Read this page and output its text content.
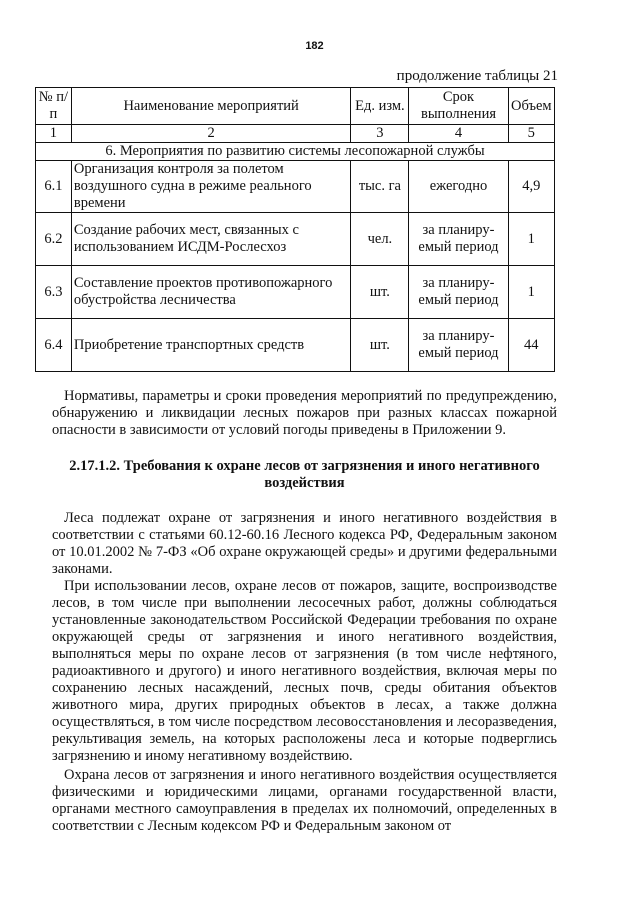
182
продолжение таблицы 21
№ п/п	Наименование мероприятий	Ед. изм.	Срок выполнения	Объем
1	2	3	4	5
6. Мероприятия по развитию системы лесопожарной службы				
6.1	Организация контроля за полетом воздушного судна в режиме реального времени	тыс. га	ежегодно	4,9
6.2	Создание рабочих мест, связанных с использованием ИСДМ-Рослесхоз	чел.	за планиру-емый период	1
6.3	Составление проектов противопожарного обустройства лесничества	шт.	за планиру-емый период	1
6.4	Приобретение транспортных средств	шт.	за планиру-емый период	44

Нормативы, параметры и сроки проведения мероприятий по предупреждению, обнаружению и ликвидации лесных пожаров при разных классах пожарной опасности в зависимости от условий погоды приведены в Приложении 9.

2.17.1.2. Требования к охране лесов от загрязнения и иного негативного
воздействия

Леса подлежат охране от загрязнения и иного негативного воздействия в соответствии с статьями 60.12-60.16 Лесного кодекса РФ, Федеральным законом от 10.01.2002 № 7-ФЗ «Об охране окружающей среды» и другими федеральными законами.

При использовании лесов, охране лесов от пожаров, защите, воспроизводстве лесов, в том числе при выполнении лесосечных работ, должны соблюдаться установленные законодательством Российской Федерации требования по охране окружающей среды от загрязнения и иного негативного воздействия, выполняться меры по охране лесов от загрязнения (в том числе нефтяного, радиоактивного и другого) и иного негативного воздействия, включая меры по сохранению лесных насаждений, лесных почв, среды обитания объектов животного мира, других природных объектов в лесах, а также должна осуществляться, в том числе посредством лесовосстановления и лесоразведения, рекультивация земель, на которых расположены леса и которые подверглись загрязнению и иному негативному воздействию.

Охрана лесов от загрязнения и иного негативного воздействия осуществляется физическими и юридическими лицами, органами государственной власти, органами местного самоуправления в пределах их полномочий, определенных в соответствии с Лесным кодексом РФ и Федеральным законом от
